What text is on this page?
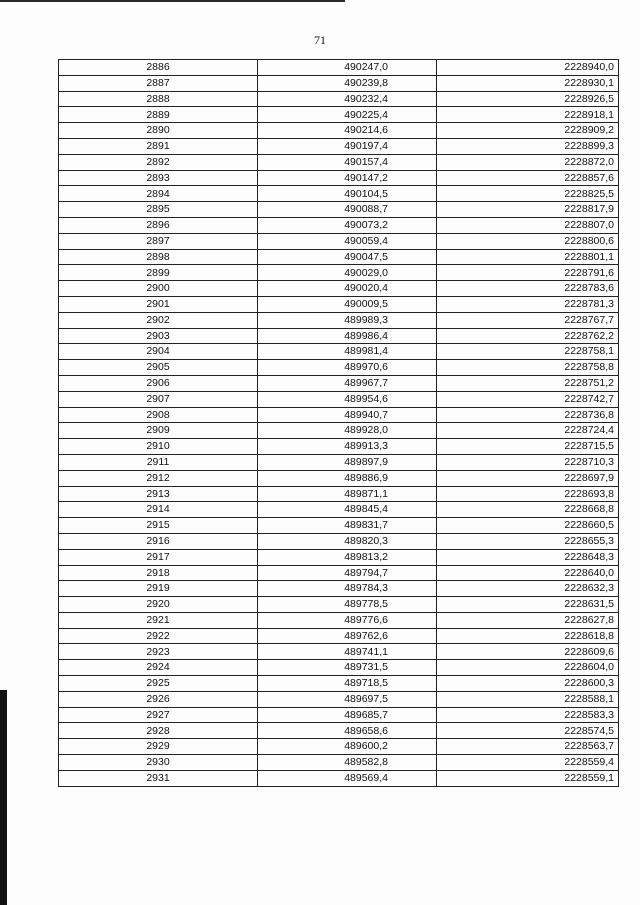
71
2886	490247,0	2228940,0
2887	490239,8	2228930,1
2888	490232,4	2228926,5
2889	490225,4	2228918,1
2890	490214,6	2228909,2
2891	490197,4	2228899,3
2892	490157,4	2228872,0
2893	490147,2	2228857,6
2894	490104,5	2228825,5
2895	490088,7	2228817,9
2896	490073,2	2228807,0
2897	490059,4	2228800,6
2898	490047,5	2228801,1
2899	490029,0	2228791,6
2900	490020,4	2228783,6
2901	490009,5	2228781,3
2902	489989,3	2228767,7
2903	489986,4	2228762,2
2904	489981,4	2228758,1
2905	489970,6	2228758,8
2906	489967,7	2228751,2
2907	489954,6	2228742,7
2908	489940,7	2228736,8
2909	489928,0	2228724,4
2910	489913,3	2228715,5
2911	489897,9	2228710,3
2912	489886,9	2228697,9
2913	489871,1	2228693,8
2914	489845,4	2228668,8
2915	489831,7	2228660,5
2916	489820,3	2228655,3
2917	489813,2	2228648,3
2918	489794,7	2228640,0
2919	489784,3	2228632,3
2920	489778,5	2228631,5
2921	489776,6	2228627,8
2922	489762,6	2228618,8
2923	489741,1	2228609,6
2924	489731,5	2228604,0
2925	489718,5	2228600,3
2926	489697,5	2228588,1
2927	489685,7	2228583,3
2928	489658,6	2228574,5
2929	489600,2	2228563,7
2930	489582,8	2228559,4
2931	489569,4	2228559,1
